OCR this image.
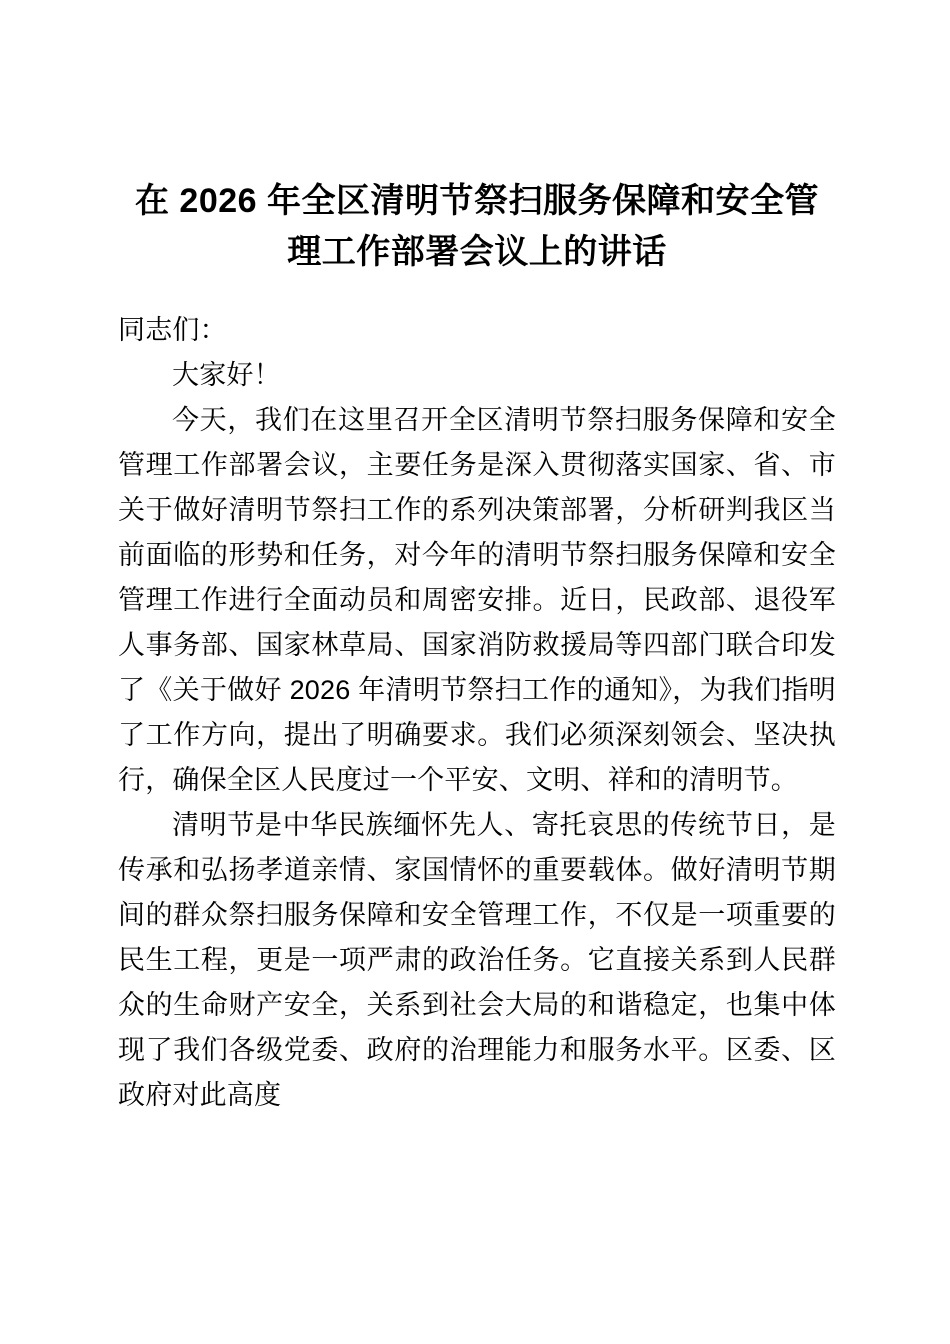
在 2026 年全区清明节祭扫服务保障和安全管理工作部署会议上的讲话

同志们：

大家好！

今天，我们在这里召开全区清明节祭扫服务保障和安全管理工作部署会议，主要任务是深入贯彻落实国家、省、市关于做好清明节祭扫工作的系列决策部署，分析研判我区当前面临的形势和任务，对今年的清明节祭扫服务保障和安全管理工作进行全面动员和周密安排。近日，民政部、退役军人事务部、国家林草局、国家消防救援局等四部门联合印发了《关于做好 2026 年清明节祭扫工作的通知》，为我们指明了工作方向，提出了明确要求。我们必须深刻领会、坚决执行，确保全区人民度过一个平安、文明、祥和的清明节。

清明节是中华民族缅怀先人、寄托哀思的传统节日，是传承和弘扬孝道亲情、家国情怀的重要载体。做好清明节期间的群众祭扫服务保障和安全管理工作，不仅是一项重要的民生工程，更是一项严肃的政治任务。它直接关系到人民群众的生命财产安全，关系到社会大局的和谐稳定，也集中体现了我们各级党委、政府的治理能力和服务水平。区委、区政府对此高度
